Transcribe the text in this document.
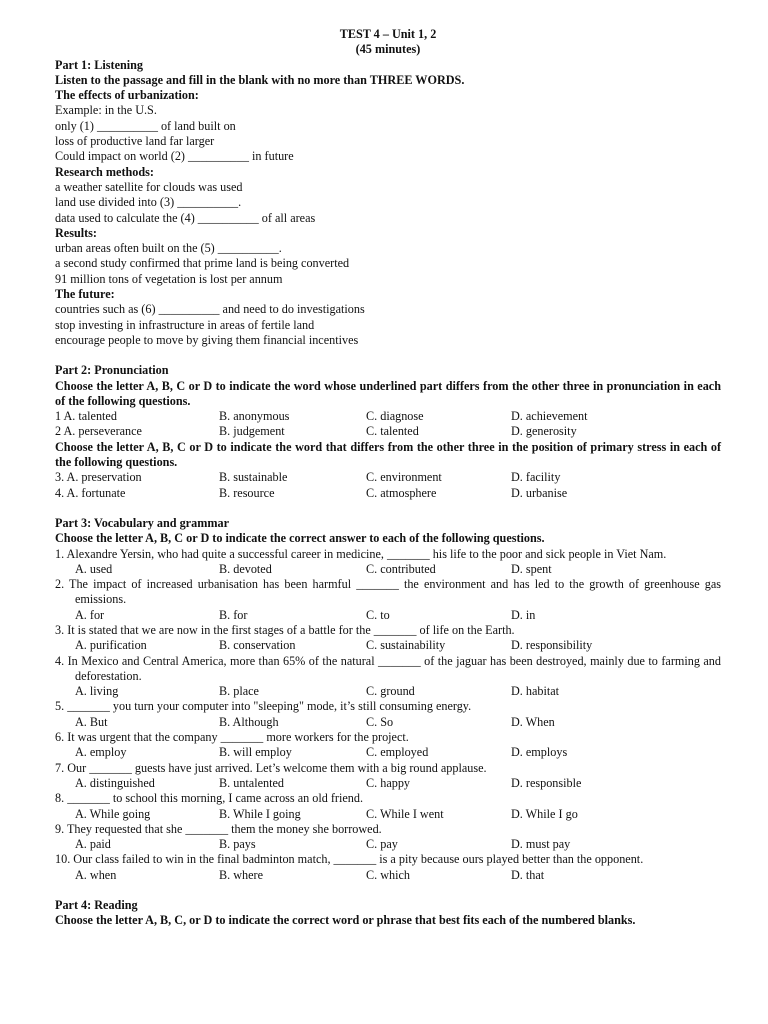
TEST 4 – Unit 1, 2
(45 minutes)
Part 1: Listening
Listen to the passage and fill in the blank with no more than THREE WORDS.
The effects of urbanization:
Example: in the U.S.
only (1) __________ of land built on
loss of productive land far larger
Could impact on world (2) __________ in future
Research methods:
a weather satellite for clouds was used
land use divided into (3) __________.
data used to calculate the (4) __________ of all areas
Results:
urban areas often built on the (5) __________.
a second study confirmed that prime land is being converted
91 million tons of vegetation is lost per annum
The future:
countries such as (6) __________ and need to do investigations
stop investing in infrastructure in areas of fertile land
encourage people to move by giving them financial incentives
Part 2: Pronunciation
Choose the letter A, B, C or D to indicate the word whose underlined part differs from the other three in pronunciation in each of the following questions.
1 A. talented	B. anonymous	C. diagnose	D. achievement
2 A. perseverance	B. judgement	C. talented	D. generosity
Choose the letter A, B, C or D to indicate the word that differs from the other three in the position of primary stress in each of the following questions.
3. A. preservation	B. sustainable	C. environment	D. facility
4. A. fortunate	B. resource	C. atmosphere	D. urbanise
Part 3: Vocabulary and grammar
Choose the letter A, B, C or D to indicate the correct answer to each of the following questions.
1. Alexandre Yersin, who had quite a successful career in medicine, _______ his life to the poor and sick people in Viet Nam.
A. used	B. devoted	C. contributed	D. spent
2. The impact of increased urbanisation has been harmful _______ the environment and has led to the growth of greenhouse gas emissions.
A. for	B. for	C. to	D. in
3. It is stated that we are now in the first stages of a battle for the _______ of life on the Earth.
A. purification	B. conservation	C. sustainability	D. responsibility
4. In Mexico and Central America, more than 65% of the natural _______ of the jaguar has been destroyed, mainly due to farming and deforestation.
A. living	B. place	C. ground	D. habitat
5. _______ you turn your computer into "sleeping" mode, it’s still consuming energy.
A. But	B. Although	C. So	D. When
6. It was urgent that the company _______ more workers for the project.
A. employ	B. will employ	C. employed	D. employs
7. Our _______ guests have just arrived. Let’s welcome them with a big round applause.
A. distinguished	B. untalented	C. happy	D. responsible
8. _______ to school this morning, I came across an old friend.
A. While going	B. While I going	C. While I went	D. While I go
9. They requested that she _______ them the money she borrowed.
A. paid	B. pays	C. pay	D. must pay
10. Our class failed to win in the final badminton match, _______ is a pity because ours played better than the opponent.
A. when	B. where	C. which	D. that
Part 4: Reading
Choose the letter A, B, C, or D to indicate the correct word or phrase that best fits each of the numbered blanks.
